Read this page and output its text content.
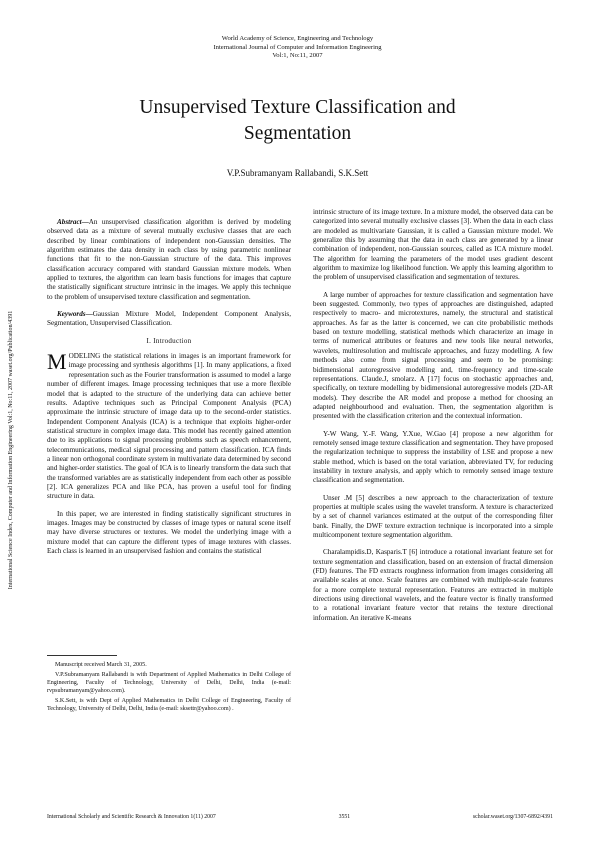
World Academy of Science, Engineering and Technology
International Journal of Computer and Information Engineering
Vol:1, No:11, 2007
Unsupervised Texture Classification and
Segmentation
V.P.Subramanyam Rallabandi, S.K.Sett
International Science Index, Computer and Information Engineering Vol:1, No:11, 2007 waset.org/Publication/4391

Abstract—An unsupervised classification algorithm is derived by modeling observed data as a mixture of several mutually exclusive classes that are each described by linear combinations of independent non-Gaussian densities. The algorithm estimates the data density in each class by using parametric nonlinear functions that fit to the non-Gaussian structure of the data. This improves classification accuracy compared with standard Gaussian mixture models. When applied to textures, the algorithm can learn basis functions for images that capture the statistically significant structure intrinsic in the images. We apply this technique to the problem of unsupervised texture classification and segmentation.

Keywords—Gaussian Mixture Model, Independent Component Analysis, Segmentation, Unsupervised Classification.

I. Introduction

MODELING the statistical relations in images is an important framework for image processing and synthesis algorithms [1]. In many applications, a fixed representation such as the Fourier transformation is assumed to model a large number of different images. Image processing techniques that use a more flexible model that is adapted to the structure of the underlying data can achieve better results. Adaptive techniques such as Principal Component Analysis (PCA) approximate the intrinsic structure of image data up to the second-order statistics. Independent Component Analysis (ICA) is a technique that exploits higher-order statistical structure in complex image data. This model has recently gained attention due to its applications to signal processing problems such as speech enhancement, telecommunications, medical signal processing and pattern classification. ICA finds a linear non orthogonal coordinate system in multivariate data determined by second and higher-order statistics. The goal of ICA is to linearly transform the data such that the transformed variables are as statistically independent from each other as possible [2]. ICA generalizes PCA and like PCA, has proven a useful tool for finding structure in data.

In this paper, we are interested in finding statistically significant structures in images. Images may be constructed by classes of image types or natural scene itself may have diverse structures or textures. We model the underlying image with a mixture model that can capture the different types of image textures with classes. Each class is learned in an unsupervised fashion and contains the statistical

Manuscript received March 31, 2005.

V.P.Subramanyam Rallabandi is with Department of Applied Mathematics in Delhi College of Engineering, Faculty of Technology, University of Delhi, Delhi, India (e-mail: rvpsubramanyam@yahoo.com).

S.K.Sett, is with Dept of Applied Mathematics in Delhi College of Engineering, Faculty of Technology, University of Delhi, Delhi, India (e-mail: sksettr@yahoo.com) .

intrinsic structure of its image texture. In a mixture model, the observed data can be categorized into several mutually exclusive classes [3]. When the data in each class are modeled as multivariate Gaussian, it is called a Gaussian mixture model. We generalize this by assuming that the data in each class are generated by a linear combination of independent, non-Gaussian sources, called as ICA mixture model. The algorithm for learning the parameters of the model uses gradient descent algorithm to maximize log likelihood function. We apply this learning algorithm to the problem of unsupervised classification and segmentation of textures.

A large number of approaches for texture classification and segmentation have been suggested. Commonly, two types of approaches are distinguished, adapted respectively to macro- and microtextures, namely, the structural and statistical approaches. As far as the latter is concerned, we can cite probabilistic methods based on texture modelling, statistical methods which characterize an image in terms of numerical attributes or features and new tools like neural networks, wavelets, multiresolution and multiscale approaches, and fuzzy modelling. A few methods also come from signal processing and seem to be promising: bidimensional autoregressive modelling and, time-frequency and time-scale representations. Claude.J, smolarz. A [17] focus on stochastic approaches and, specifically, on texture modelling by bidimensional autoregressive models (2D-AR models). They describe the AR model and propose a method for choosing an adapted neighbourhood and evaluation. Then, the segmentation algorithm is presented with the classification criterion and the contextual information.

Y-W Wang, Y.-F. Wang, Y.Xue, W.Gao [4] propose a new algorithm for remotely sensed image texture classification and segmentation. They have proposed the regularization technique to suppress the instability of LSE and propose a new stable method, which is based on the total variation, abbreviated TV, for reducing instability in texture analysis, and apply which to remotely sensed image texture classification and segmentation.

Unser .M [5] describes a new approach to the characterization of texture properties at multiple scales using the wavelet transform. A texture is characterized by a set of channel variances estimated at the output of the corresponding filter bank. Finally, the DWF texture extraction technique is incorporated into a simple multicomponent texture segmentation algorithm.

Charalampidis.D, Kasparis.T [6] introduce a rotational invariant feature set for texture segmentation and classification, based on an extension of fractal dimension (FD) features. The FD extracts roughness information from images considering all available scales at once. Scale features are combined with multiple-scale features for a more complete textural representation. Features are extracted in multiple directions using directional wavelets, and the feature vector is finally transformed to a rotational invariant feature vector that retains the texture directional information. An iterative K-means

International Scholarly and Scientific Research & Innovation 1(11) 2007	3551	scholar.waset.org/1307-6892/4391
